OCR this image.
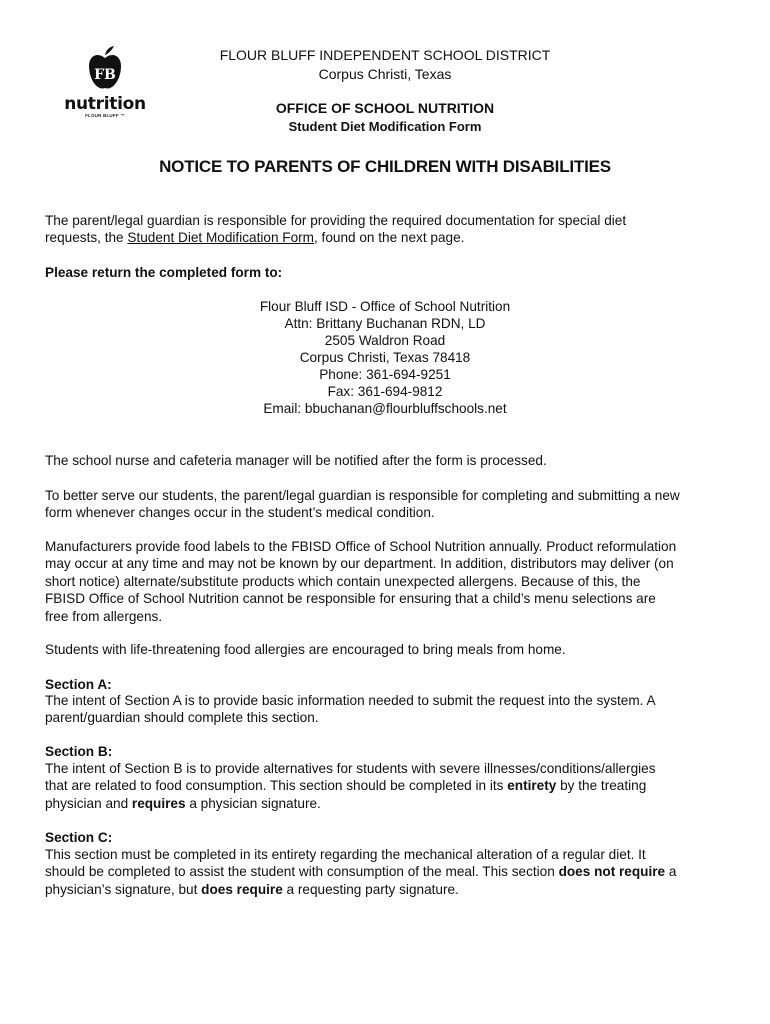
FB
nutrition
FLOUR BLUFF ™
FLOUR BLUFF INDEPENDENT SCHOOL DISTRICT
Corpus Christi, Texas
OFFICE OF SCHOOL NUTRITION
Student Diet Modification Form
NOTICE TO PARENTS OF CHILDREN WITH DISABILITIES
The parent/legal guardian is responsible for providing the required documentation for special diet
requests, the Student Diet Modification Form, found on the next page.
Please return the completed form to:
Flour Bluff ISD - Office of School Nutrition
Attn: Brittany Buchanan RDN, LD
2505 Waldron Road
Corpus Christi, Texas 78418
Phone: 361-694-9251
Fax: 361-694-9812
Email: bbuchanan@flourbluffschools.net
The school nurse and cafeteria manager will be notified after the form is processed.
To better serve our students, the parent/legal guardian is responsible for completing and submitting a new
form whenever changes occur in the student’s medical condition.
Manufacturers provide food labels to the FBISD Office of School Nutrition annually. Product reformulation
may occur at any time and may not be known by our department. In addition, distributors may deliver (on
short notice) alternate/substitute products which contain unexpected allergens. Because of this, the
FBISD Office of School Nutrition cannot be responsible for ensuring that a child’s menu selections are
free from allergens.
Students with life-threatening food allergies are encouraged to bring meals from home.
Section A:
The intent of Section A is to provide basic information needed to submit the request into the system. A
parent/guardian should complete this section.
Section B:
The intent of Section B is to provide alternatives for students with severe illnesses/conditions/allergies
that are related to food consumption. This section should be completed in its entirety by the treating
physician and requires a physician signature.
Section C:
This section must be completed in its entirety regarding the mechanical alteration of a regular diet. It
should be completed to assist the student with consumption of the meal. This section does not require a
physician’s signature, but does require a requesting party signature.
